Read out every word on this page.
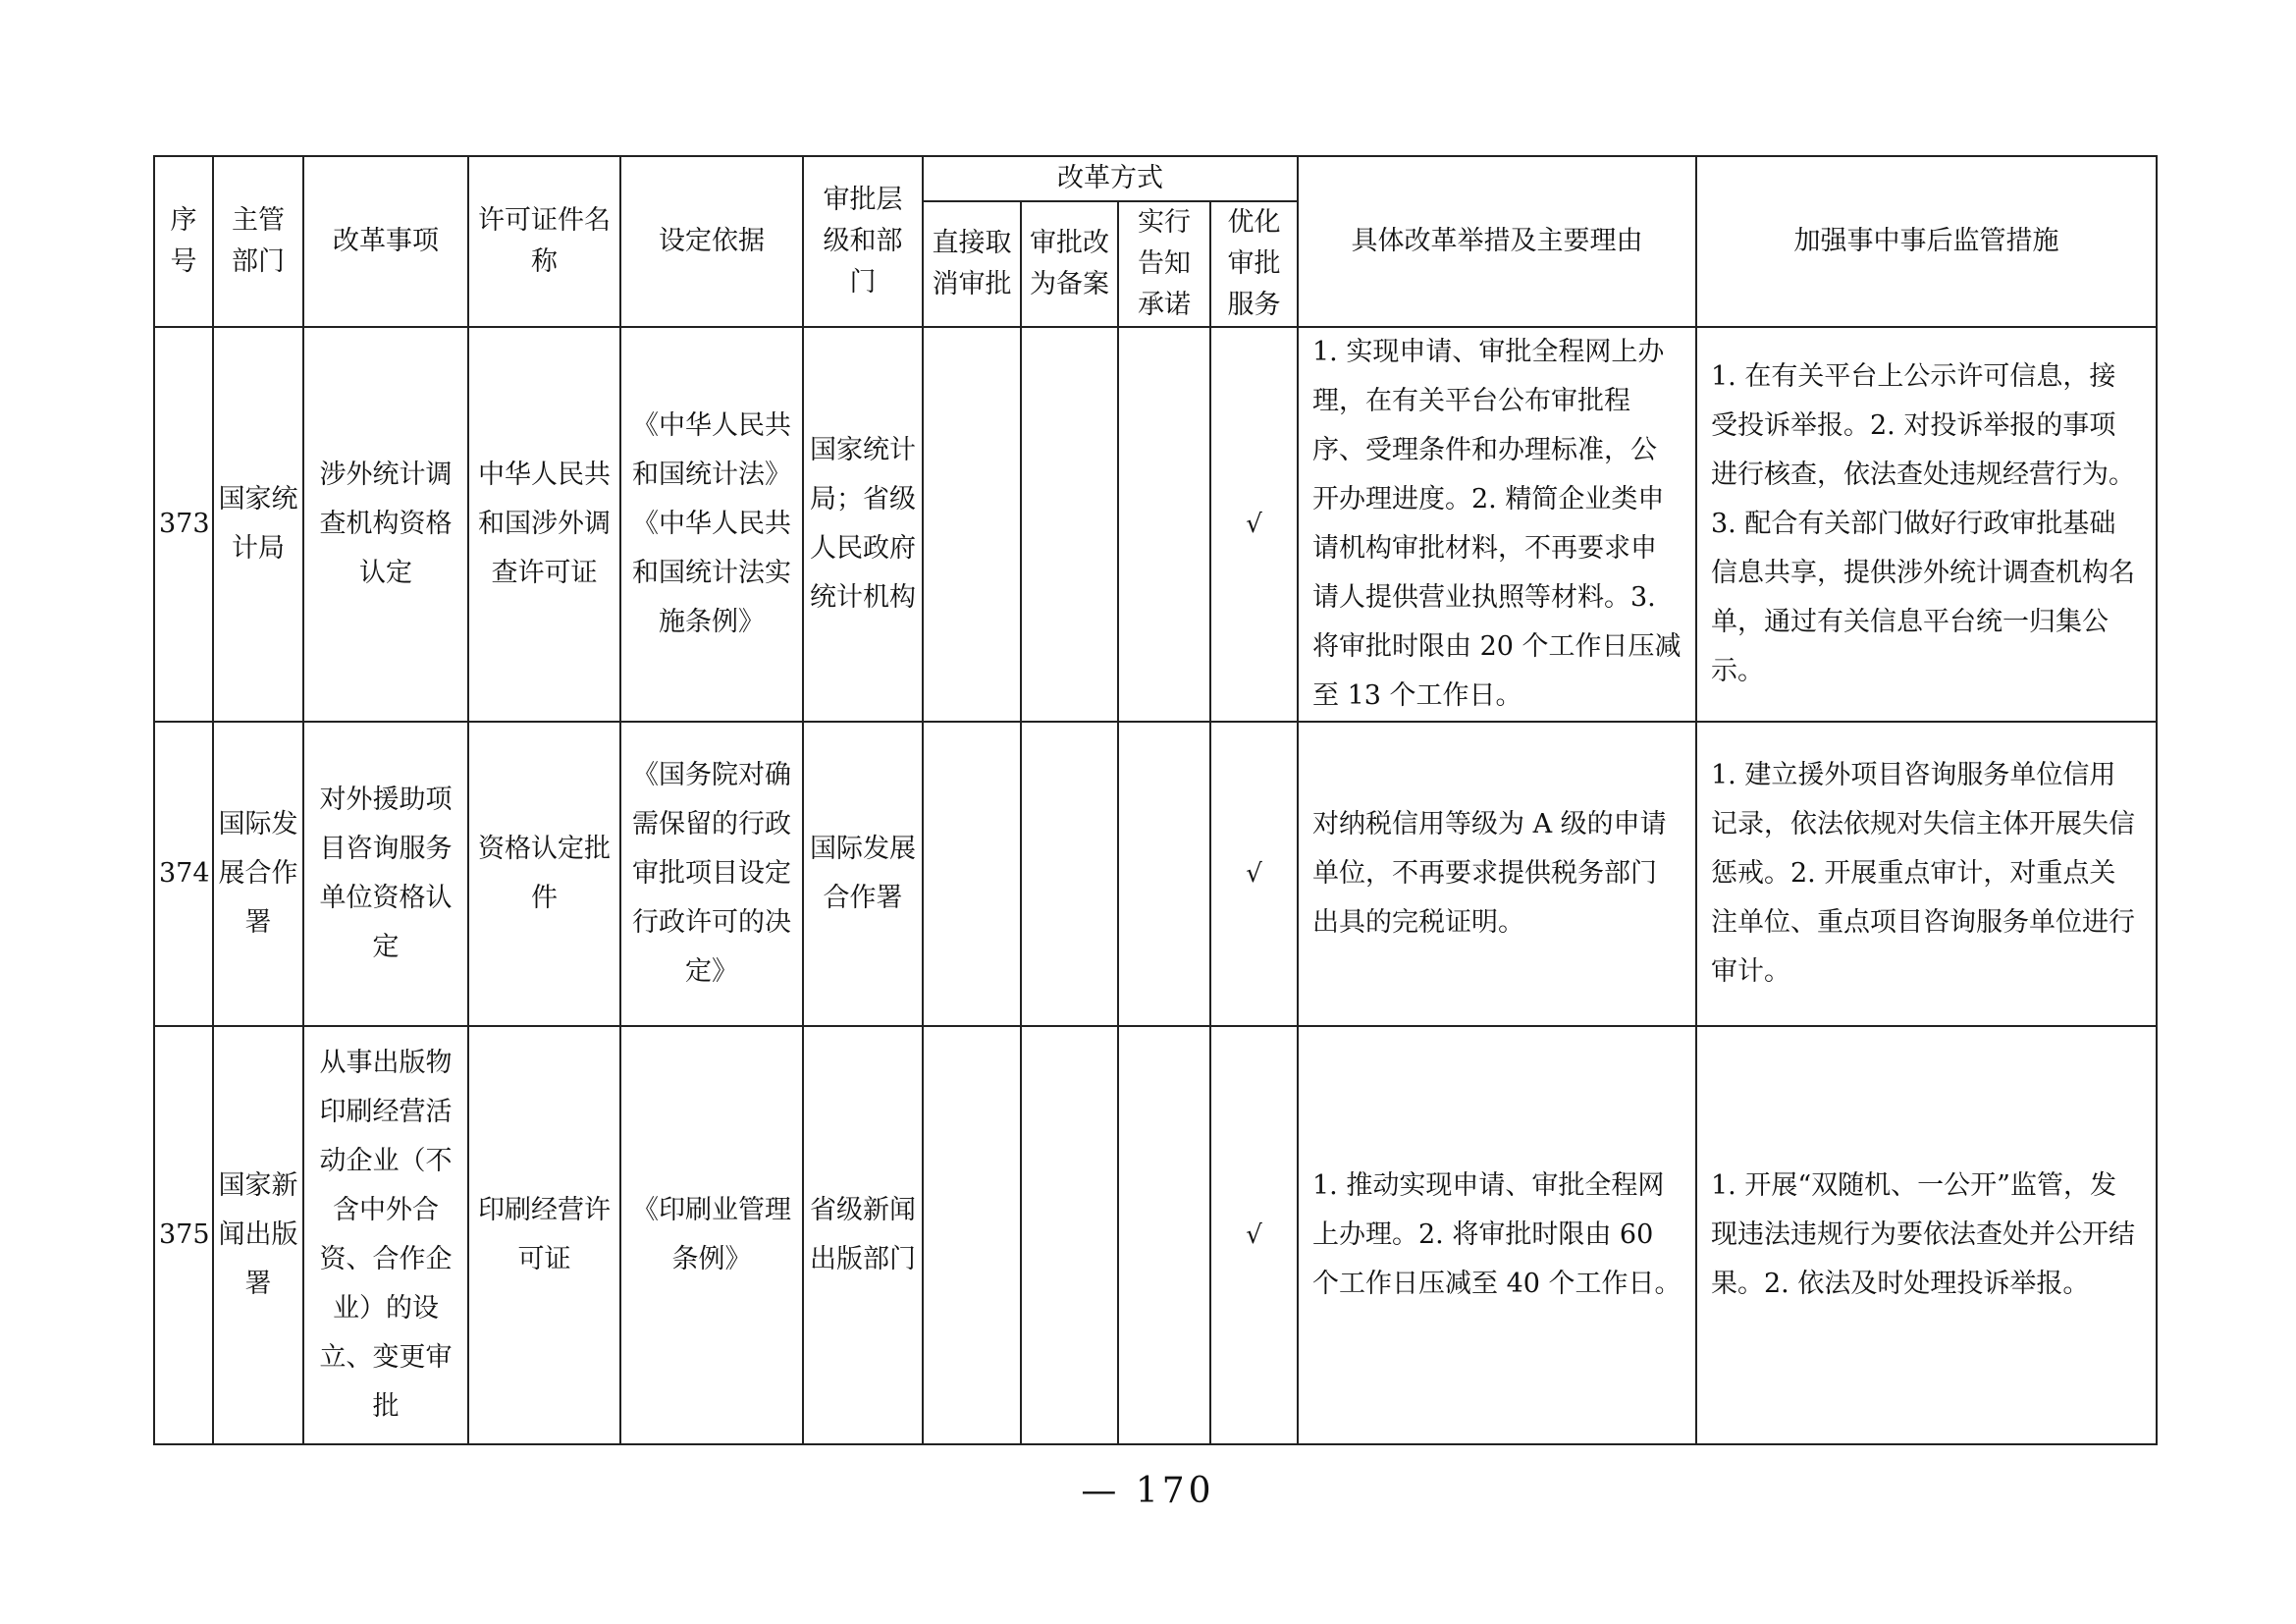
序号	主管部门	改革事项	许可证件名称	设定依据	审批层级和部门	改革方式				具体改革举措及主要理由	加强事中事后监管措施
						直接取消审批	审批改为备案	实行告知承诺	优化审批服务		
373	国家统计局	涉外统计调查机构资格认定	中华人民共和国涉外调查许可证	《中华人民共和国统计法》《中华人民共和国统计法实施条例》	国家统计局；省级人民政府统计机构				√	1. 实现申请、审批全程网上办理，在有关平台公布审批程序、受理条件和办理标准，公开办理进度。2. 精简企业类申请机构审批材料，不再要求申请人提供营业执照等材料。3. 将审批时限由 20 个工作日压减至 13 个工作日。	1. 在有关平台上公示许可信息，接受投诉举报。2. 对投诉举报的事项进行核查，依法查处违规经营行为。3. 配合有关部门做好行政审批基础信息共享，提供涉外统计调查机构名单，通过有关信息平台统一归集公示。
374	国际发展合作署	对外援助项目咨询服务单位资格认定	资格认定批件	《国务院对确需保留的行政审批项目设定行政许可的决定》	国际发展合作署				√	对纳税信用等级为 A 级的申请单位，不再要求提供税务部门出具的完税证明。	1. 建立援外项目咨询服务单位信用记录，依法依规对失信主体开展失信惩戒。2. 开展重点审计，对重点关注单位、重点项目咨询服务单位进行审计。
375	国家新闻出版署	从事出版物印刷经营活动企业（不含中外合资、合作企业）的设立、变更审批	印刷经营许可证	《印刷业管理条例》	省级新闻出版部门				√	1. 推动实现申请、审批全程网上办理。2. 将审批时限由 60 个工作日压减至 40 个工作日。	1. 开展“双随机、一公开”监管，发现违法违规行为要依法查处并公开结果。2. 依法及时处理投诉举报。
— 170
